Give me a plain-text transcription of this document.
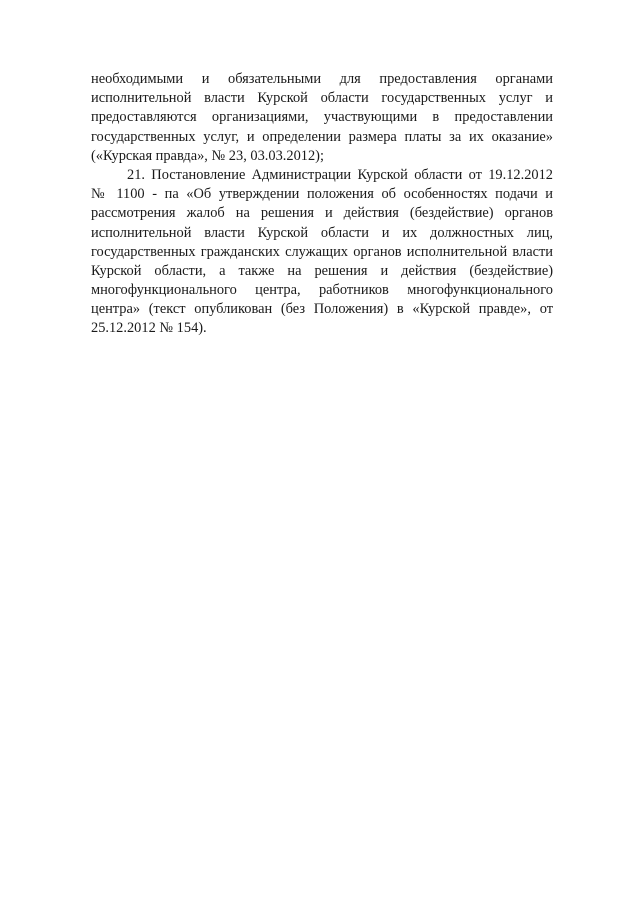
необходимыми и обязательными для предоставления органами
исполнительной власти Курской области государственных услуг и
предоставляются организациями, участвующими в предоставлении
государственных услуг, и определении размера платы за их оказание»
(«Курская правда», № 23, 03.03.2012);
21. Постановление Администрации Курской области от 19.12.2012
№ 1100 - па «Об утверждении положения об особенностях подачи и
рассмотрения жалоб на решения и действия (бездействие) органов
исполнительной власти Курской области и их должностных лиц,
государственных гражданских служащих органов исполнительной власти
Курской области, а также на решения и действия (бездействие)
многофункционального центра, работников многофункционального
центра» (текст опубликован (без Положения) в «Курской правде», от
25.12.2012 № 154).
